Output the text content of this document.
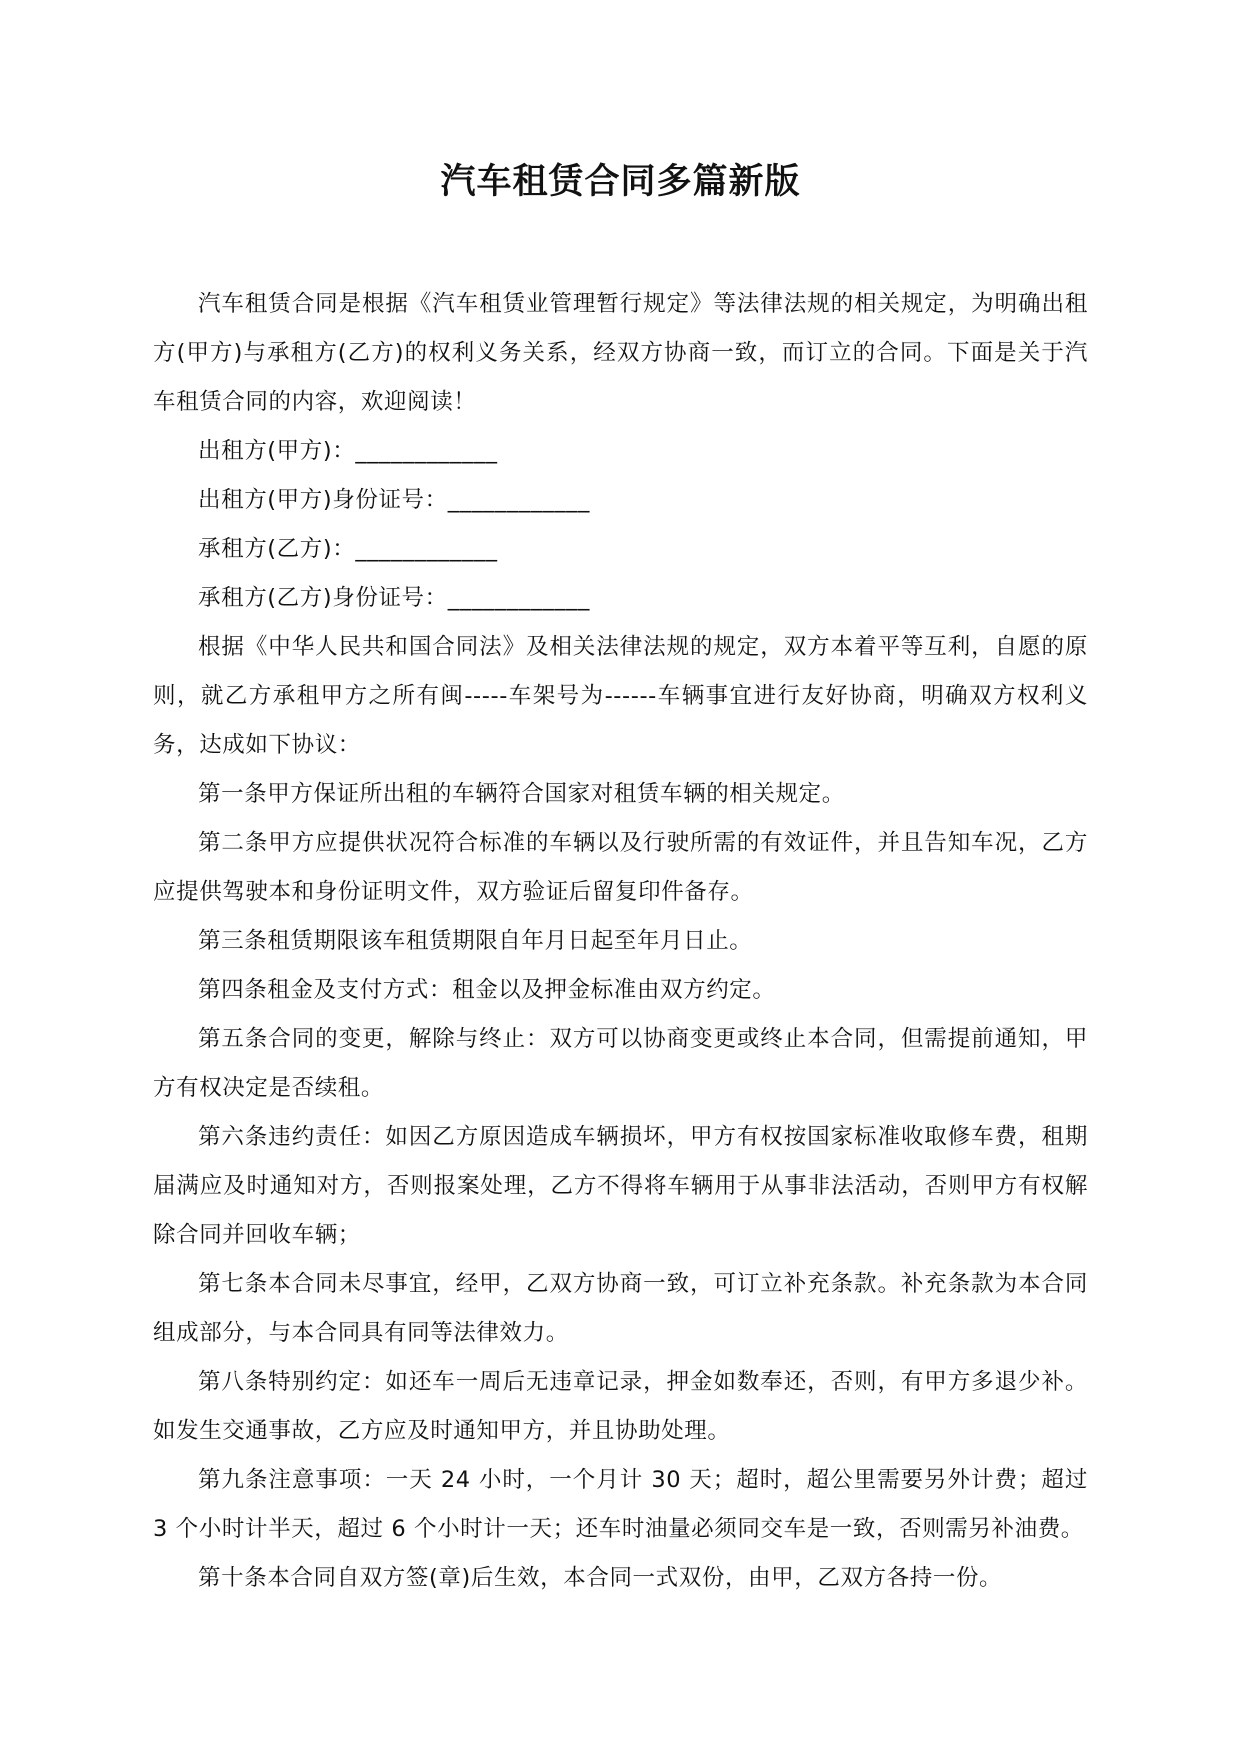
汽车租赁合同多篇新版

汽车租赁合同是根据《汽车租赁业管理暂行规定》等法律法规的相关规定，为明确出租方(甲方)与承租方(乙方)的权利义务关系，经双方协商一致，而订立的合同。下面是关于汽车租赁合同的内容，欢迎阅读！

出租方(甲方)：____________

出租方(甲方)身份证号：____________

承租方(乙方)：____________

承租方(乙方)身份证号：____________

根据《中华人民共和国合同法》及相关法律法规的规定，双方本着平等互利，自愿的原则，就乙方承租甲方之所有闽-----车架号为------车辆事宜进行友好协商，明确双方权利义务，达成如下协议：

第一条甲方保证所出租的车辆符合国家对租赁车辆的相关规定。

第二条甲方应提供状况符合标准的车辆以及行驶所需的有效证件，并且告知车况，乙方应提供驾驶本和身份证明文件，双方验证后留复印件备存。

第三条租赁期限该车租赁期限自年月日起至年月日止。

第四条租金及支付方式：租金以及押金标准由双方约定。

第五条合同的变更，解除与终止：双方可以协商变更或终止本合同，但需提前通知，甲方有权决定是否续租。

第六条违约责任：如因乙方原因造成车辆损坏，甲方有权按国家标准收取修车费，租期届满应及时通知对方，否则报案处理，乙方不得将车辆用于从事非法活动，否则甲方有权解除合同并回收车辆；

第七条本合同未尽事宜，经甲，乙双方协商一致，可订立补充条款。补充条款为本合同组成部分，与本合同具有同等法律效力。

第八条特别约定：如还车一周后无违章记录，押金如数奉还，否则，有甲方多退少补。如发生交通事故，乙方应及时通知甲方，并且协助处理。

第九条注意事项：一天 24 小时，一个月计 30 天；超时，超公里需要另外计费；超过 3 个小时计半天，超过 6 个小时计一天；还车时油量必须同交车是一致，否则需另补油费。

第十条本合同自双方签(章)后生效，本合同一式双份，由甲，乙双方各持一份。
